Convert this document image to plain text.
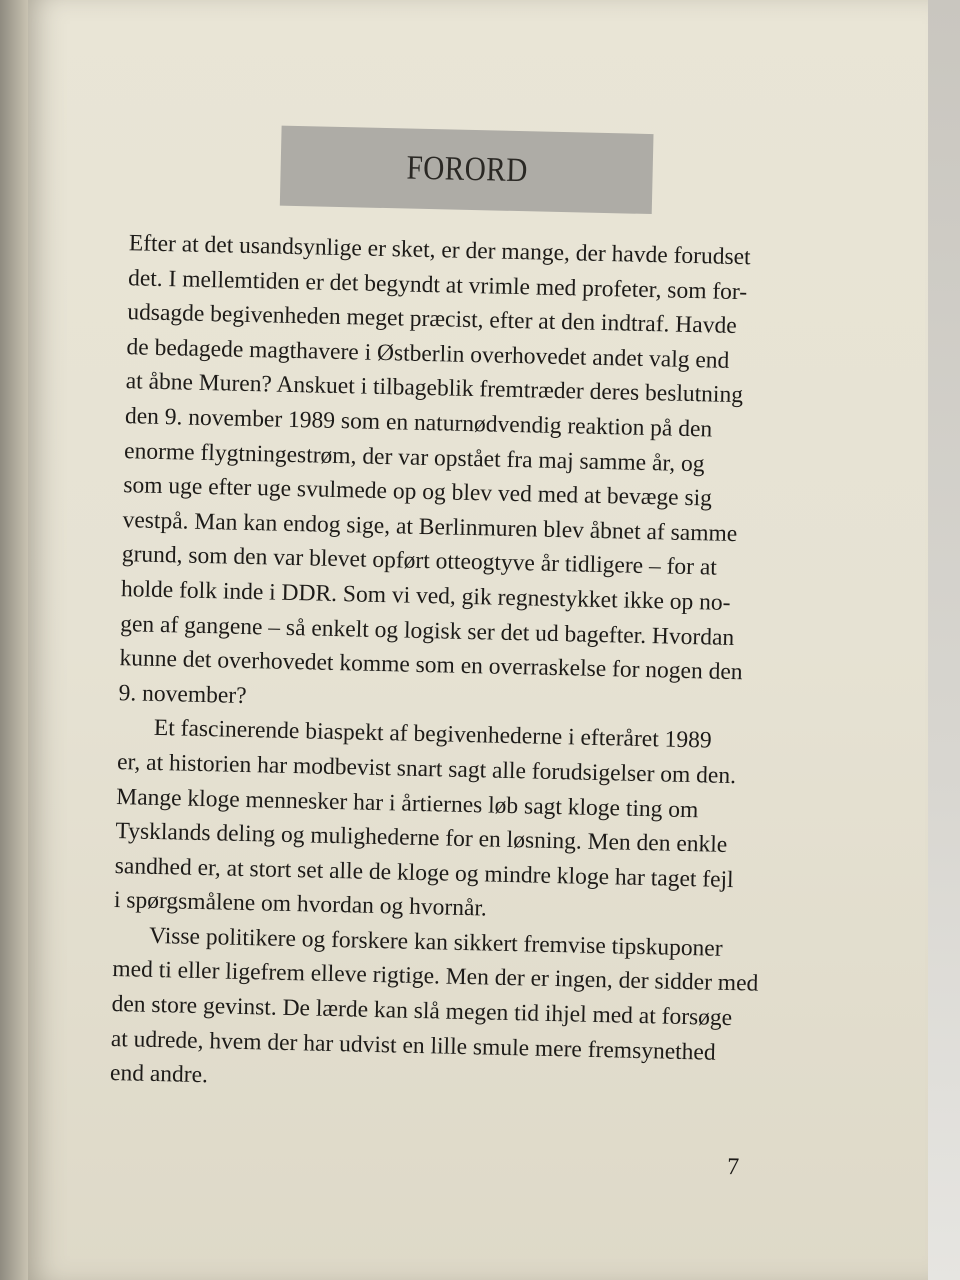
FORORD
Efter at det usandsynlige er sket, er der mange, der havde forudset
det. I mellemtiden er det begyndt at vrimle med profeter, som for-
udsagde begivenheden meget præcist, efter at den indtraf. Havde
de bedagede magthavere i Østberlin overhovedet andet valg end
at åbne Muren? Anskuet i tilbageblik fremtræder deres beslutning
den 9. november 1989 som en naturnødvendig reaktion på den
enorme flygtningestrøm, der var opstået fra maj samme år, og
som uge efter uge svulmede op og blev ved med at bevæge sig
vestpå. Man kan endog sige, at Berlinmuren blev åbnet af samme
grund, som den var blevet opført otteogtyve år tidligere – for at
holde folk inde i DDR. Som vi ved, gik regnestykket ikke op no-
gen af gangene – så enkelt og logisk ser det ud bagefter. Hvordan
kunne det overhovedet komme som en overraskelse for nogen den
9. november?
Et fascinerende biaspekt af begivenhederne i efteråret 1989
er, at historien har modbevist snart sagt alle forudsigelser om den.
Mange kloge mennesker har i årtiernes løb sagt kloge ting om
Tysklands deling og mulighederne for en løsning. Men den enkle
sandhed er, at stort set alle de kloge og mindre kloge har taget fejl
i spørgsmålene om hvordan og hvornår.
Visse politikere og forskere kan sikkert fremvise tipskuponer
med ti eller ligefrem elleve rigtige. Men der er ingen, der sidder med
den store gevinst. De lærde kan slå megen tid ihjel med at forsøge
at udrede, hvem der har udvist en lille smule mere fremsynethed
end andre.
7
